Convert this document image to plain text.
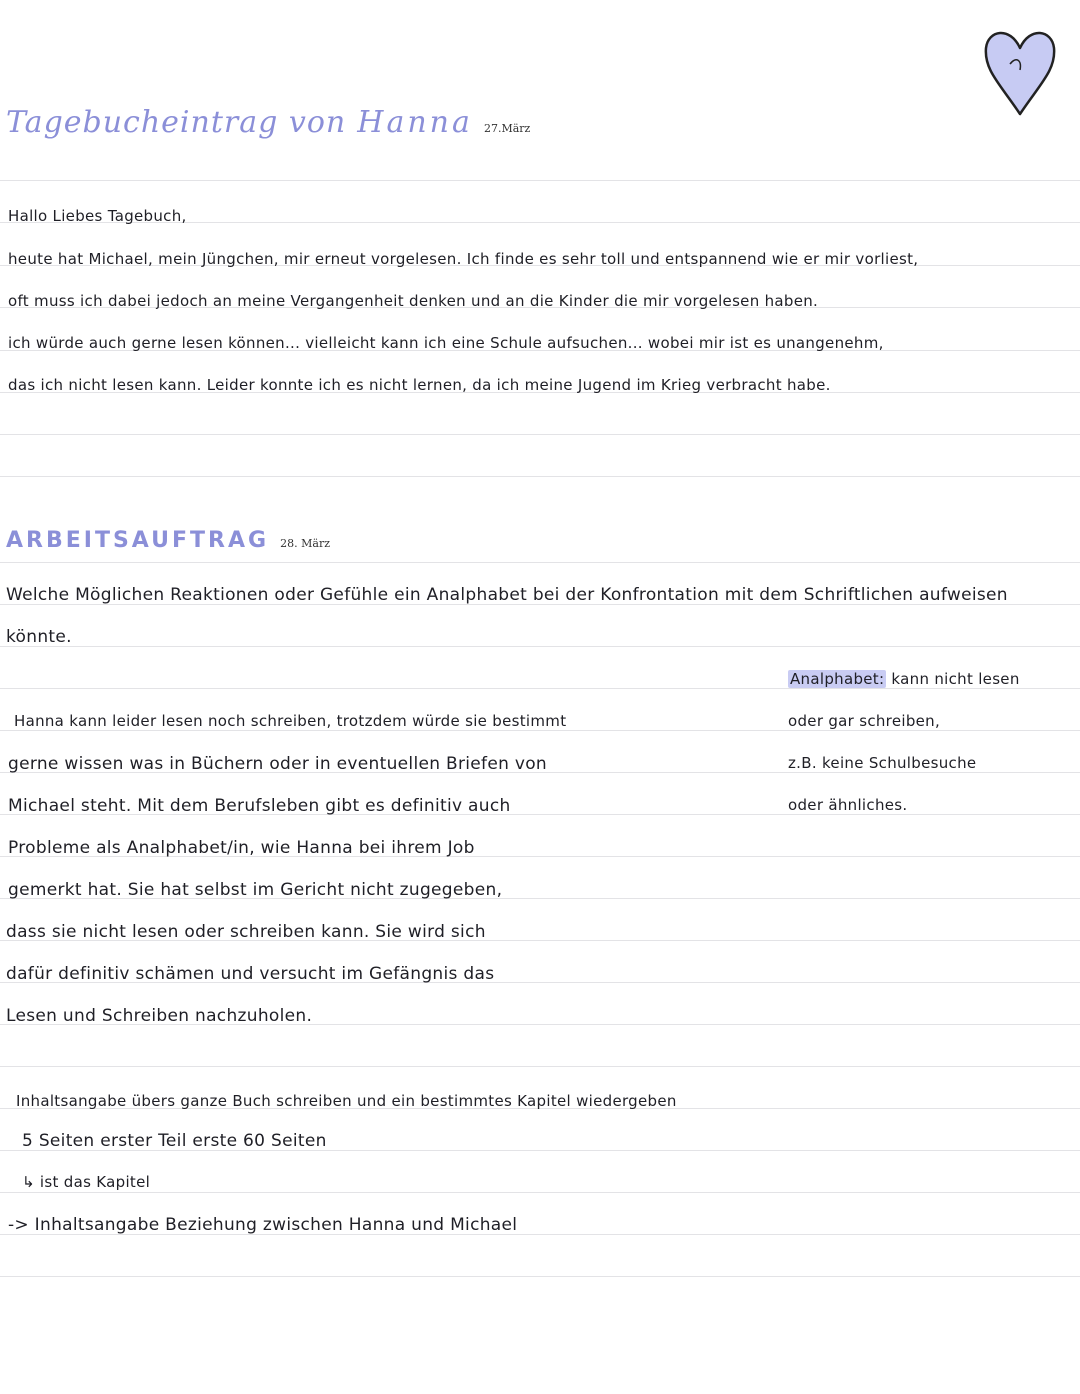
Tagebucheintrag von Hanna 27.März
Hallo Liebes Tagebuch,
heute hat Michael, mein Jüngchen, mir erneut vorgelesen. Ich finde es sehr toll und entspannend wie er mir vorliest,
oft muss ich dabei jedoch an meine Vergangenheit denken und an die Kinder die mir vorgelesen haben.
ich würde auch gerne lesen können... vielleicht kann ich eine Schule aufsuchen... wobei mir ist es unangenehm,
das ich nicht lesen kann. Leider konnte ich es nicht lernen, da ich meine Jugend im Krieg verbracht habe.
ARBEITSAUFTRAG 28. März
Welche Möglichen Reaktionen oder Gefühle ein Analphabet bei der Konfrontation mit dem Schriftlichen aufweisen
könnte.
Analphabet: kann nicht lesen
oder gar schreiben,
z.B. keine Schulbesuche
oder ähnliches.
Hanna kann leider lesen noch schreiben, trotzdem würde sie bestimmt
gerne wissen was in Büchern oder in eventuellen Briefen von
Michael steht. Mit dem Berufsleben gibt es definitiv auch
Probleme als Analphabet/in, wie Hanna bei ihrem Job
gemerkt hat. Sie hat selbst im Gericht nicht zugegeben,
dass sie nicht lesen oder schreiben kann. Sie wird sich
dafür definitiv schämen und versucht im Gefängnis das
Lesen und Schreiben nachzuholen.
Inhaltsangabe übers ganze Buch schreiben und ein bestimmtes Kapitel wiedergeben
5 Seiten erster Teil erste 60 Seiten
↳ ist das Kapitel
-> Inhaltsangabe Beziehung zwischen Hanna und Michael
